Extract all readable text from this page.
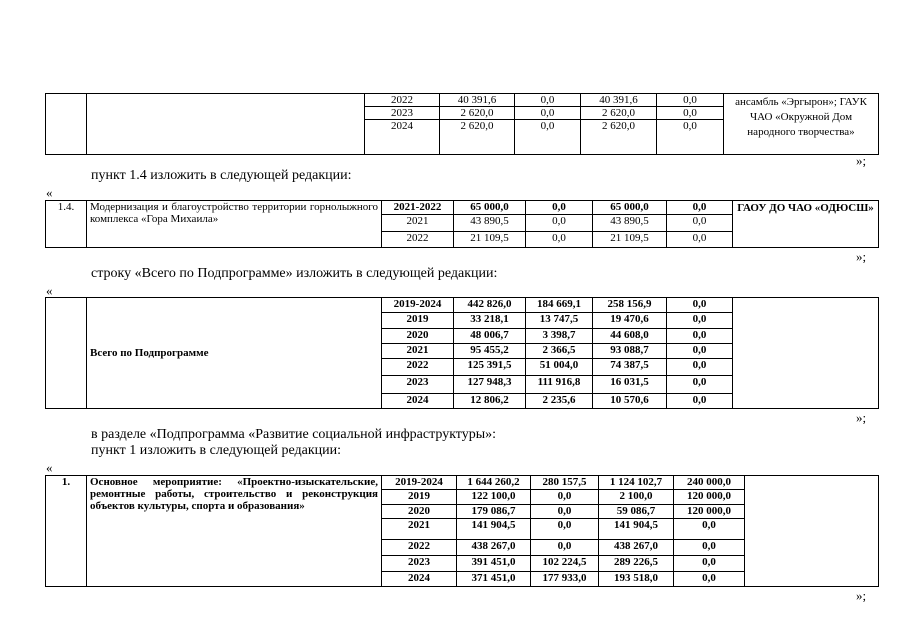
		2022	40 391,6	0,0	40 391,6	0,0	ансамбль «Эргырон»; ГАУК ЧАО «Окружной Дом народного творчества»
		2023	2 620,0	0,0	2 620,0	0,0	
		2024	2 620,0	0,0	2 620,0	0,0	
»;
пункт 1.4 изложить в следующей редакции:
«
1.4.	Модернизация и благоустройство территории горнолыжного комплекса «Гора Михаила»	2021-2022	65 000,0	0,0	65 000,0	0,0	ГАОУ ДО ЧАО «ОДЮСШ»
		2021	43 890,5	0,0	43 890,5	0,0	
		2022	21 109,5	0,0	21 109,5	0,0	
»;
строку «Всего по Подпрограмме» изложить в следующей редакции:
«
	Всего по Подпрограмме	2019-2024	442 826,0	184 669,1	258 156,9	0,0	
		2019	33 218,1	13 747,5	19 470,6	0,0	
		2020	48 006,7	3 398,7	44 608,0	0,0	
		2021	95 455,2	2 366,5	93 088,7	0,0	
		2022	125 391,5	51 004,0	74 387,5	0,0	
		2023	127 948,3	111 916,8	16 031,5	0,0	
		2024	12 806,2	2 235,6	10 570,6	0,0	
»;
в разделе «Подпрограмма «Развитие социальной инфраструктуры»:
пункт 1 изложить в следующей редакции:
«
1.	Основное мероприятие: «Проектно-изыскательские, ремонтные работы, строительство и реконструкция объектов культуры, спорта и образования»	2019-2024	1 644 260,2	280 157,5	1 124 102,7	240 000,0	
		2019	122 100,0	0,0	2 100,0	120 000,0	
		2020	179 086,7	0,0	59 086,7	120 000,0	
		2021	141 904,5	0,0	141 904,5	0,0	
		2022	438 267,0	0,0	438 267,0	0,0	
		2023	391 451,0	102 224,5	289 226,5	0,0	
		2024	371 451,0	177 933,0	193 518,0	0,0	
»;
